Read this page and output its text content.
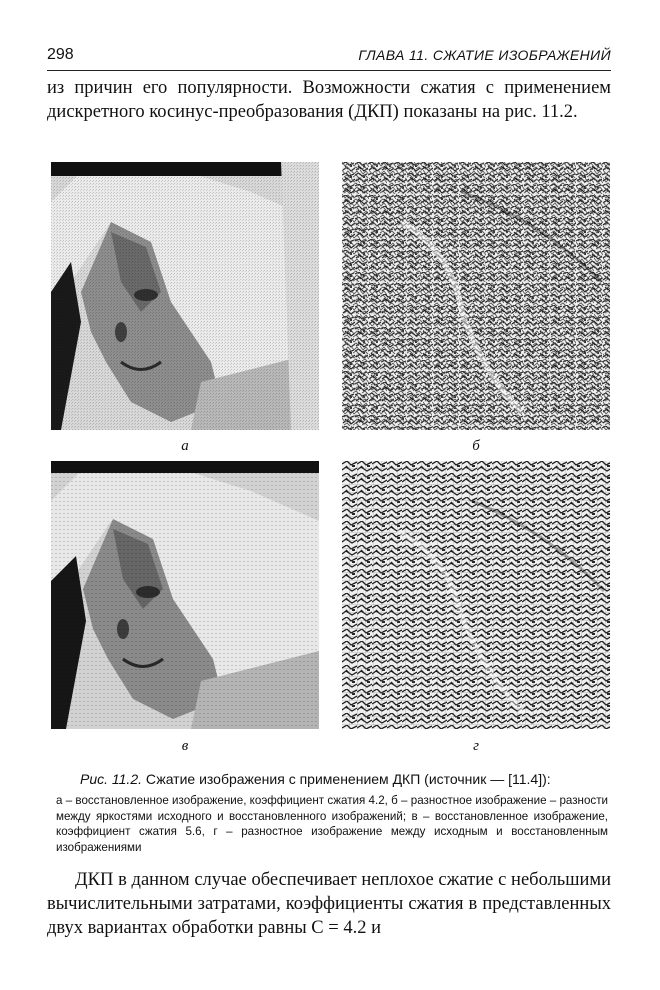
298	ГЛАВА 11. СЖАТИЕ ИЗОБРАЖЕНИЙ

из причин его популярности. Возможности сжатия с применением дискретного косинус-преобразования (ДКП) показаны на рис. 11.2.

а	б
в	г

Рис. 11.2. Сжатие изображения с применением ДКП (источник — [11.4]):

а – восстановленное изображение, коэффициент сжатия 4.2, б – разностное изображение – разности между яркостями исходного и восстановленного изображений; в – восстановленное изображение, коэффициент сжатия 5.6, г – разностное изображение между исходным и восстановленным изображениями

ДКП в данном случае обеспечивает неплохое сжатие с небольшими вычислительными затратами, коэффициенты сжатия в представленных двух вариантах обработки равны C = 4.2 и
